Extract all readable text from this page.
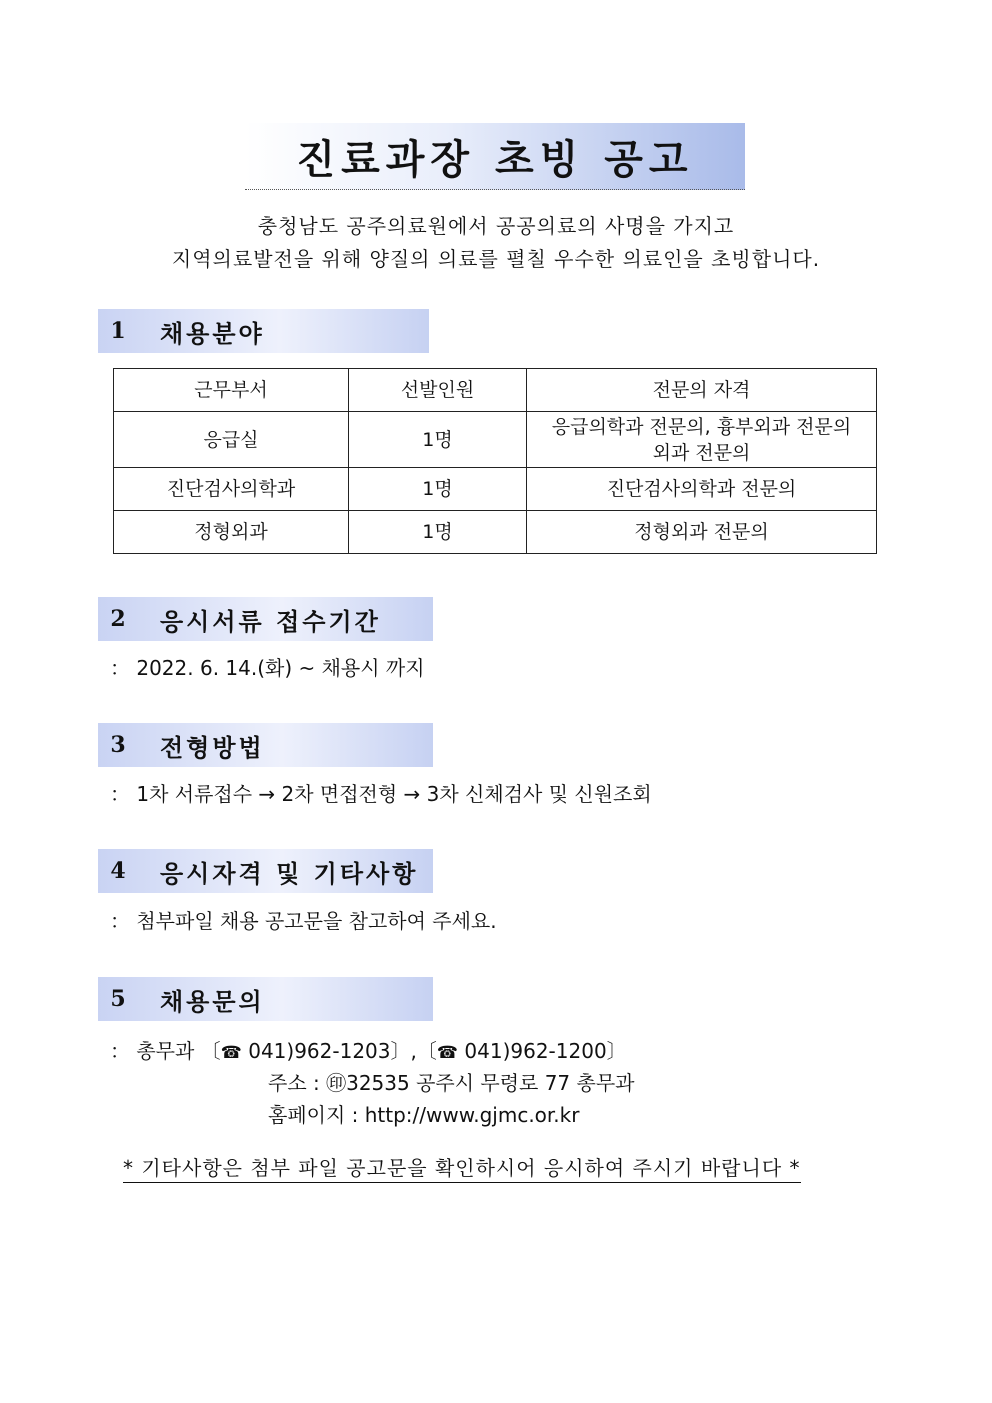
진료과장 초빙 공고
충청남도 공주의료원에서 공공의료의 사명을 가지고
지역의료발전을 위해 양질의 의료를 펼칠 우수한 의료인을 초빙합니다.
1	채용분야
근무부서	선발인원	전문의 자격
응급실	1명	응급의학과 전문의, 흉부외과 전문의
외과 전문의

진단검사의학과	1명	진단검사의학과 전문의
정형외과	1명	정형외과 전문의
2	응시서류 접수기간
： 2022. 6. 14.(화) ~ 채용시 까지
3	전형방법
： 1차 서류접수 → 2차 면접전형 → 3차 신체검사 및 신원조회
4	응시자격 및 기타사항
： 첨부파일 채용 공고문을 참고하여 주세요.
5	채용문의
： 총무과 〔☎ 041)962-1203〕,〔☎ 041)962-1200〕
주소 : ㊞32535 공주시 무령로 77 총무과
홈페이지 : http://www.gjmc.or.kr
* 기타사항은 첨부 파일 공고문을 확인하시어 응시하여 주시기 바랍니다 *
